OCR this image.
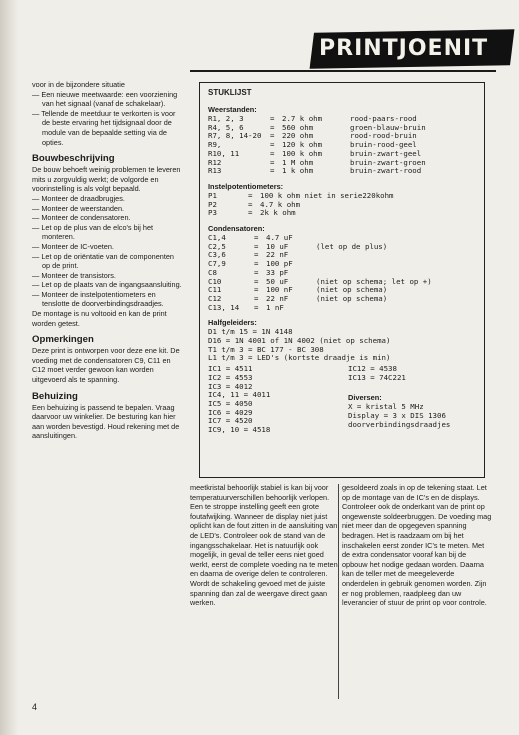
PRINTJOENIT

voor in de bijzondere situatie

— Een nieuwe meetwaarde: een voorziening van het signaal (vanaf de schakelaar).

— Tellende de meetduur te verkorten is voor de beste ervaring het tijdsignaal door de module van de bepaalde setting via de opties.

Bouwbeschrijving

De bouw behoeft weinig problemen te leveren mits u zorgvuldig werkt; de volgorde en voorinstelling is als volgt bepaald.

— Monteer de draadbrugjes.

— Monteer de weerstanden.

— Monteer de condensatoren.

— Let op de plus van de elco's bij het monteren.

— Monteer de IC-voeten.

— Let op de oriëntatie van de componenten op de print.

— Monteer de transistors.

— Let op de plaats van de ingangsaansluiting.

— Monteer de instelpotentiometers en tenslotte de doorverbindingsdraadjes.

De montage is nu voltooid en kan de print worden getest.

Opmerkingen

Deze print is ontworpen voor deze ene kit. De voeding met de condensatoren C9, C11 en C12 moet verder gewoon kan worden uitgevoerd als te spanning.

Behuizing

Een behuizing is passend te bepalen. Vraag daarvoor uw winkelier. De besturing kan hier aan worden bevestigd. Houd rekening met de aansluitingen.

STUKLIJST
Weerstanden:
R1, 2, 3	= 2.7 k ohm	rood-paars-rood
R4, 5, 6	= 560 ohm	groen-blauw-bruin
R7, 8, 14-20 = 220 ohm	rood-rood-bruin
R9,	= 120 k ohm	bruin-rood-geel
R10, 11	= 100 k ohm	bruin-zwart-geel
R12	= 1 M ohm	bruin-zwart-groen
R13	= 1 k ohm	bruin-zwart-rood
Instelpotentiometers:
P1	= 100 k ohm niet in serie220kohm
P2	= 4.7 k ohm
P3	= 2k k ohm
Condensatoren:
C1,4	= 4.7 uF
C2,5	= 10 uF	(let op de plus)
C3,6	= 22 nF
C7,9	= 100 pF
C8	= 33 pF
C10	= 50 uF	(niet op schema; let op +)
C11	= 100 nF	(niet op schema)
C12	= 22 nF	(niet op schema)
C13, 14 = 1 nF
Halfgeleiders:
D1 t/m 15 = 1N 4148
D16 = 1N 4001 of 1N 4002 (niet op schema)
T1 t/m 3 = BC 177 - BC 308
L1 t/m 3 = LED's (kortste draadje is min)
IC1 = 4511
IC2 = 4553
IC3 = 4012
IC4, 11 = 4011
IC5 = 4050
IC6 = 4029
IC7 = 4520
IC9, 10 = 4518
IC12 = 4538
IC13 = 74C221
Diversen:
X = kristal 5 MHz
Display = 3 x DIS 1306
doorverbindingsdraadjes

meetkristal behoorlijk stabiel is kan bij voor temperatuurverschillen behoorlijk verlopen. Een te stroppe instelling geeft een grote foutafwijking. Wanneer de display niet juist oplicht kan de fout zitten in de aansluiting van de LED's. Controleer ook de stand van de ingangsschakelaar. Het is natuurlijk ook mogelijk, in geval de teller eens niet goed werkt, eerst de complete voeding na te meten en daarna de overige delen te controleren. Wordt de schakeling gevoed met de juiste spanning dan zal de weergave direct gaan werken.

gesoldeerd zoals in op de tekening staat. Let op de montage van de IC's en de displays. Controleer ook de onderkant van de print op ongewenste soldeerbruggen. De voeding mag niet meer dan de opgegeven spanning bedragen. Het is raadzaam om bij het inschakelen eerst zonder IC's te meten. Met de extra condensator vooraf kan bij de opbouw het nodige gedaan worden. Daarna kan de teller met de meegeleverde onderdelen in gebruik genomen worden. Zijn er nog problemen, raadpleeg dan uw leverancier of stuur de print op voor controle.

4
